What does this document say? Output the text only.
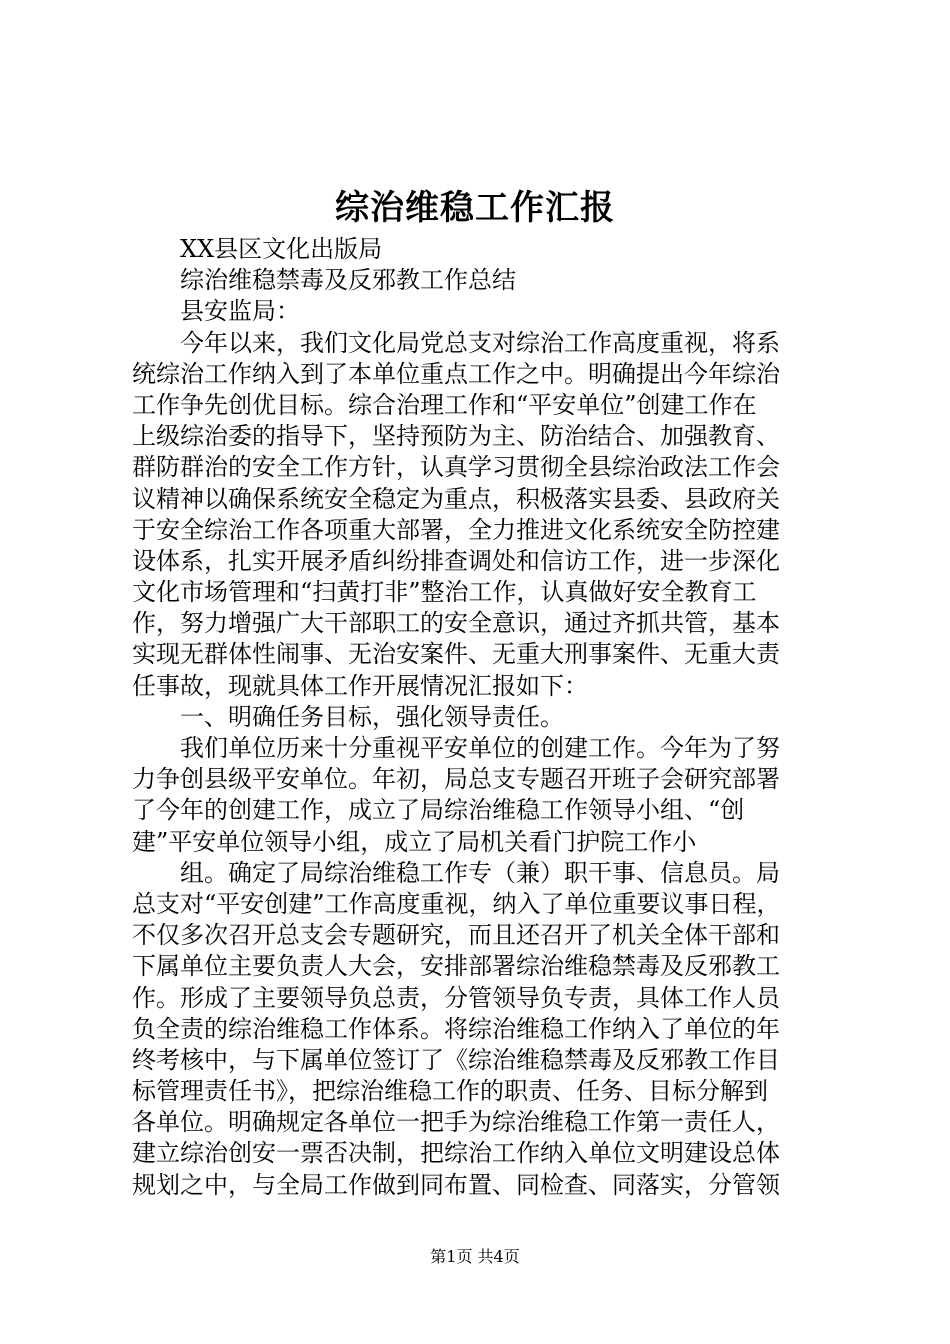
综治维稳工作汇报
XX县区文化出版局
综治维稳禁毒及反邪教工作总结
县安监局：
今年以来，我们文化局党总支对综治工作高度重视，将系
统综治工作纳入到了本单位重点工作之中。明确提出今年综治
工作争先创优目标。综合治理工作和“平安单位”创建工作在
上级综治委的指导下，坚持预防为主、防治结合、加强教育、
群防群治的安全工作方针，认真学习贯彻全县综治政法工作会
议精神以确保系统安全稳定为重点，积极落实县委、县政府关
于安全综治工作各项重大部署，全力推进文化系统安全防控建
设体系，扎实开展矛盾纠纷排查调处和信访工作，进一步深化
文化市场管理和“扫黄打非”整治工作，认真做好安全教育工
作，努力增强广大干部职工的安全意识，通过齐抓共管，基本
实现无群体性闹事、无治安案件、无重大刑事案件、无重大责
任事故，现就具体工作开展情况汇报如下：
一、明确任务目标，强化领导责任。
我们单位历来十分重视平安单位的创建工作。今年为了努
力争创县级平安单位。年初，局总支专题召开班子会研究部署
了今年的创建工作，成立了局综治维稳工作领导小组、“创
建”平安单位领导小组，成立了局机关看门护院工作小
组。确定了局综治维稳工作专（兼）职干事、信息员。局
总支对“平安创建”工作高度重视，纳入了单位重要议事日程，
不仅多次召开总支会专题研究，而且还召开了机关全体干部和
下属单位主要负责人大会，安排部署综治维稳禁毒及反邪教工
作。形成了主要领导负总责，分管领导负专责，具体工作人员
负全责的综治维稳工作体系。将综治维稳工作纳入了单位的年
终考核中，与下属单位签订了《综治维稳禁毒及反邪教工作目
标管理责任书》，把综治维稳工作的职责、任务、目标分解到
各单位。明确规定各单位一把手为综治维稳工作第一责任人，
建立综治创安一票否决制，把综治工作纳入单位文明建设总体
规划之中，与全局工作做到同布置、同检查、同落实，分管领
第1页 共4页
